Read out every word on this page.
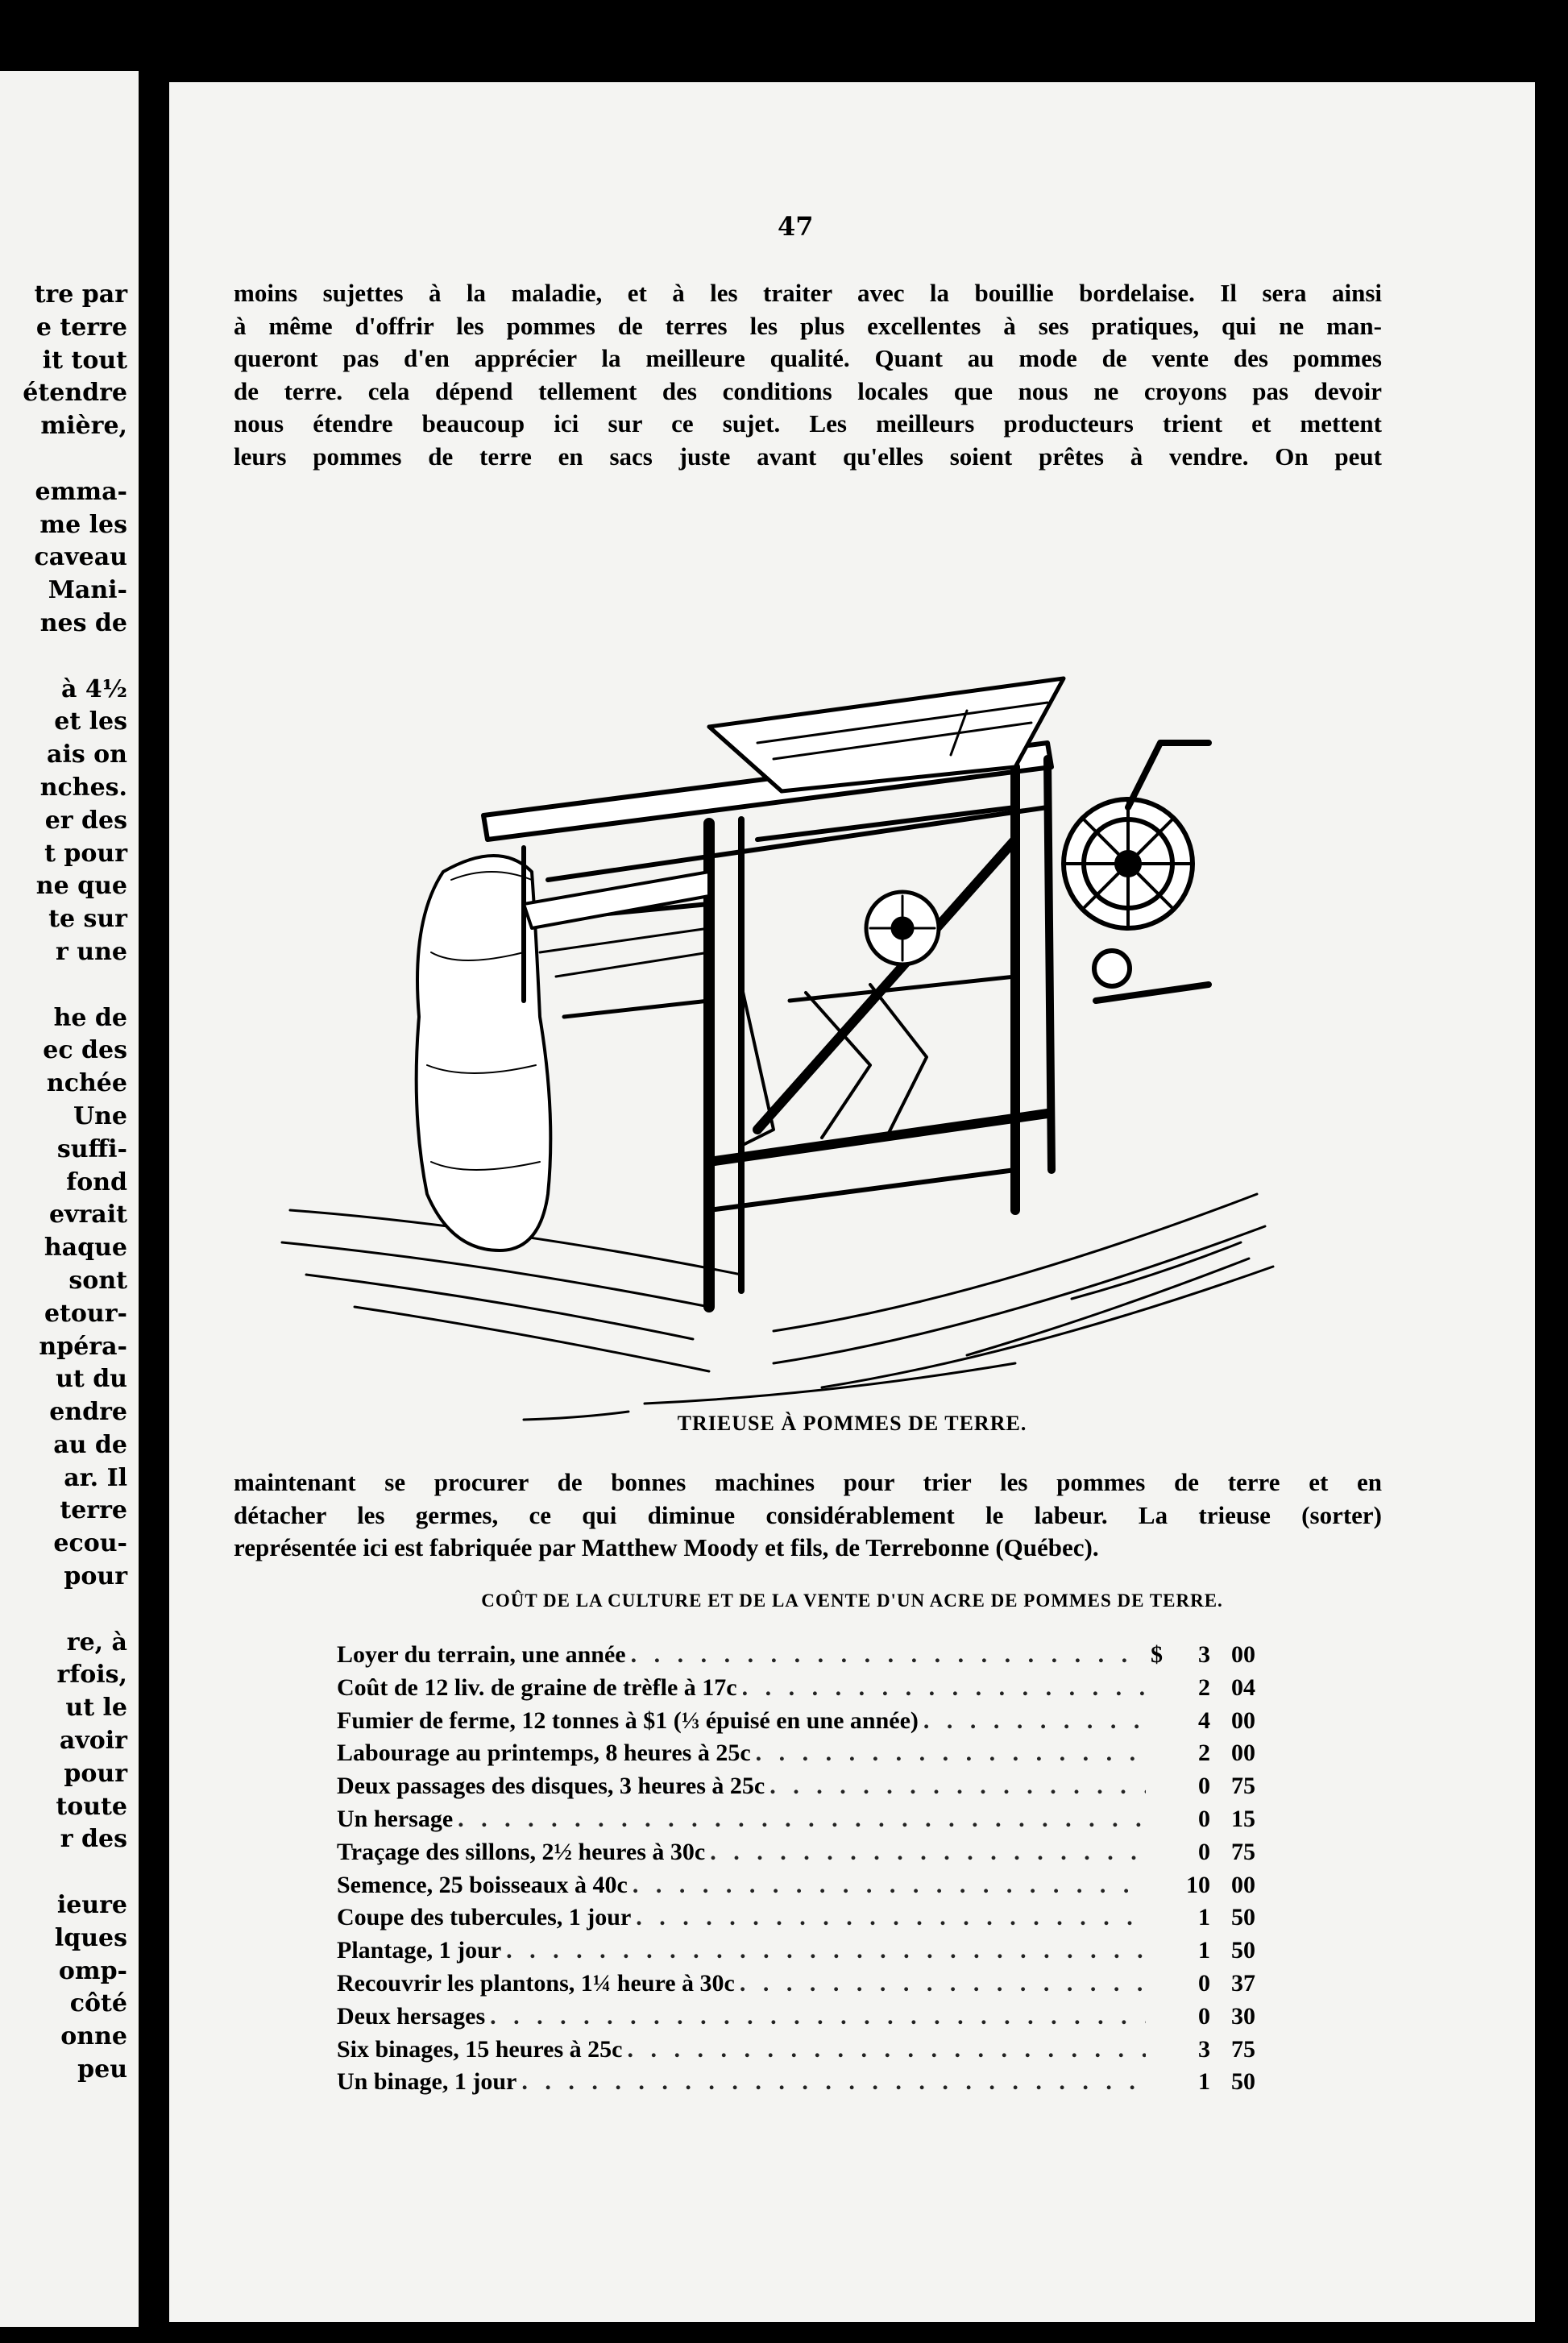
tre par
e terre
it tout
étendre
mière,
emma-
me les
caveau
Mani-
nes de
à 4½
et les
ais on
nches.
er des
t pour
ne que
te sur
r une
he de
ec des
nchée
Une
suffi-
fond
evrait
haque
sont
etour-
npéra-
ut du
endre
au de
ar. Il
terre
ecou-
pour
re, à
rfois,
ut le
avoir
pour
toute
r des
ieure
lques
omp-
côté
onne
peu
47
moins sujettes à la maladie, et à les traiter avec la bouillie bordelaise. Il sera ainsi
à même d'offrir les pommes de terres les plus excellentes à ses pratiques, qui ne man-
queront pas d'en apprécier la meilleure qualité. Quant au mode de vente des pommes
de terre. cela dépend tellement des conditions locales que nous ne croyons pas devoir
nous étendre beaucoup ici sur ce sujet. Les meilleurs producteurs trient et mettent
leurs pommes de terre en sacs juste avant qu'elles soient prêtes à vendre. On peut
TRIEUSE À POMMES DE TERRE.
maintenant se procurer de bonnes machines pour trier les pommes de terre et en
détacher les germes, ce qui diminue considérablement le labeur. La trieuse (sorter)
représentée ici est fabriquée par Matthew Moody et fils, de Terrebonne (Québec).
COÛT DE LA CULTURE ET DE LA VENTE D'UN ACRE DE POMMES DE TERRE.
Loyer du terrain, une année . . .	$	3 00
Coût de 12 liv. de graine de trèfle à 17c . . .	2 04
Fumier de ferme, 12 tonnes à $1 (⅓ épuisé en une année) . . .	4 00
Labourage au printemps, 8 heures à 25c . . .	2 00
Deux passages des disques, 3 heures à 25c . . .	0 75
Un hersage . . .	0 15
Traçage des sillons, 2½ heures à 30c . . .	0 75
Semence, 25 boisseaux à 40c . . .	10 00
Coupe des tubercules, 1 jour . . .	1 50
Plantage, 1 jour . . .	1 50
Recouvrir les plantons, 1¼ heure à 30c . . .	0 37
Deux hersages . . .	0 30
Six binages, 15 heures à 25c . . .	3 75
Un binage, 1 jour . . .	1 50
